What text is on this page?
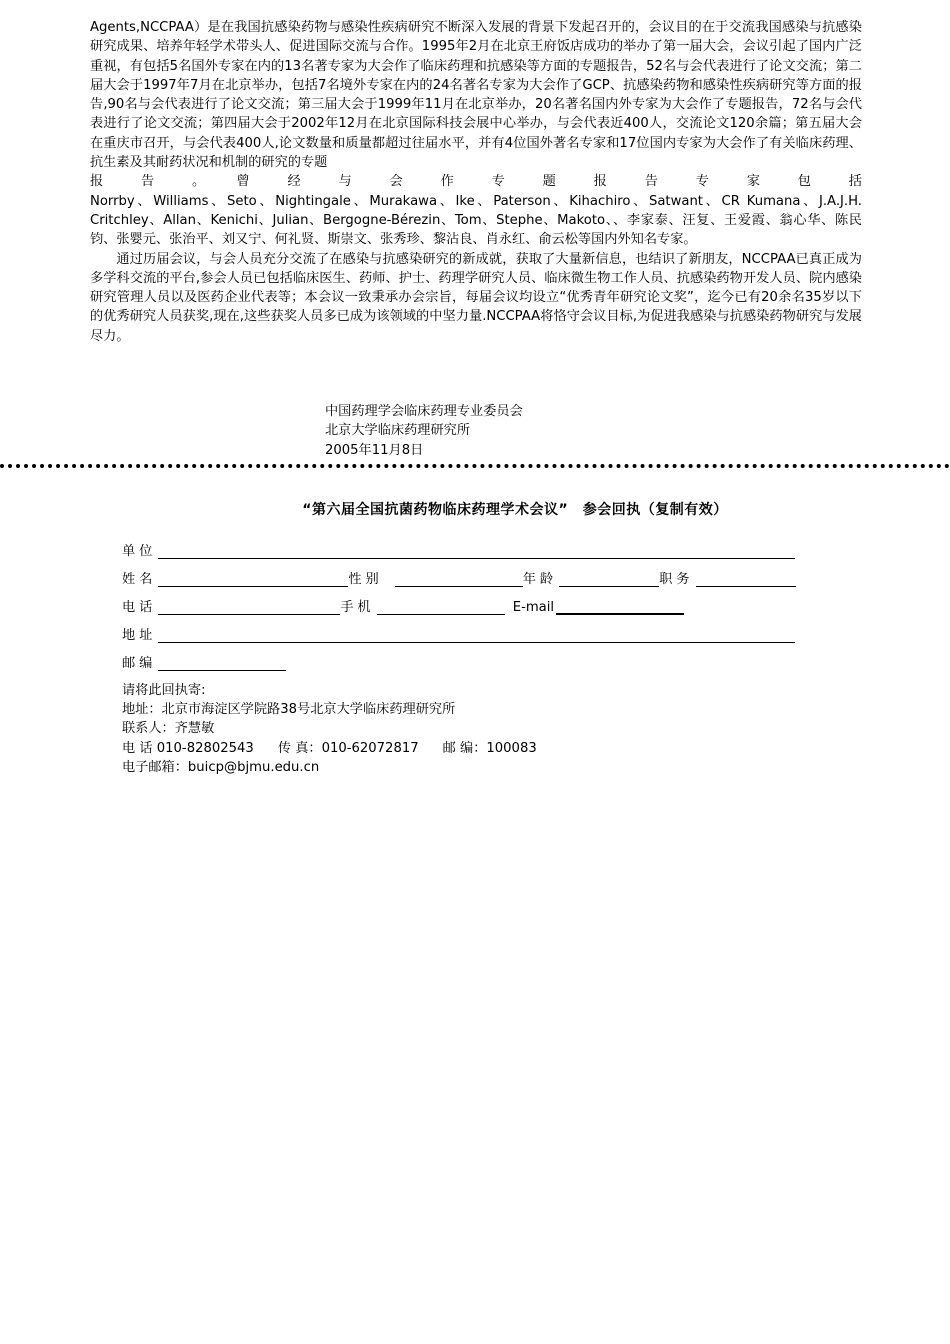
Agents,NCCPAA）是在我国抗感染药物与感染性疾病研究不断深入发展的背景下发起召开的，会议目的在于交流我国感染与抗感染研究成果、培养年轻学术带头人、促进国际交流与合作。1995年2月在北京王府饭店成功的举办了第一届大会，会议引起了国内广泛重视，有包括5名国外专家在内的13名著专家为大会作了临床药理和抗感染等方面的专题报告，52名与会代表进行了论文交流；第二届大会于1997年7月在北京举办，包括7名境外专家在内的24名著名专家为大会作了GCP、抗感染药物和感染性疾病研究等方面的报告,90名与会代表进行了论文交流；第三届大会于1999年11月在北京举办，20名著名国内外专家为大会作了专题报告，72名与会代表进行了论文交流；第四届大会于2002年12月在北京国际科技会展中心举办，与会代表近400人，交流论文120余篇；第五届大会在重庆市召开，与会代表400人,论文数量和质量都超过往届水平，并有4位国外著名专家和17位国内专家为大会作了有关临床药理、抗生素及其耐药状况和机制的研究的专题

报　告　。　曾　经　与　会　作　专　题　报　告　专　家　包　括

Norrby、Williams、Seto、Nightingale、Murakawa、Ike、Paterson、Kihachiro、Satwant、CR Kumana、J.A.J.H. Critchley、Allan、Kenichi、Julian、Bergogne-Bérezin、Tom、Stephe、Makoto、、李家泰、汪复、王爱霞、翁心华、陈民钧、张婴元、张治平、刘又宁、何礼贤、斯崇文、张秀珍、黎沾良、肖永红、俞云松等国内外知名专家。

通过历届会议，与会人员充分交流了在感染与抗感染研究的新成就，获取了大量新信息，也结识了新朋友，NCCPAA已真正成为多学科交流的平台,参会人员已包括临床医生、药师、护士、药理学研究人员、临床微生物工作人员、抗感染药物开发人员、院内感染研究管理人员以及医药企业代表等；本会议一致秉承办会宗旨，每届会议均设立“优秀青年研究论文奖”，迄今已有20余名35岁以下的优秀研究人员获奖,现在,这些获奖人员多已成为该领域的中坚力量.NCCPAA将恪守会议目标,为促进我感染与抗感染药物研究与发展尽力。

中国药理学会临床药理专业委员会
北京大学临床药理研究所
2005年11月8日
“第六届全国抗菌药物临床药理学术会议”　参会回执（复制有效）
单位
姓名	性别	年龄	职务
电话	手机	E-mail
地址
邮编
请将此回执寄:
地址：北京市海淀区学院路38号北京大学临床药理研究所
联系人：齐慧敏
电 话 010-82802543 传 真：010-62072817 邮 编：100083
电子邮箱：buicp@bjmu.edu.cn
